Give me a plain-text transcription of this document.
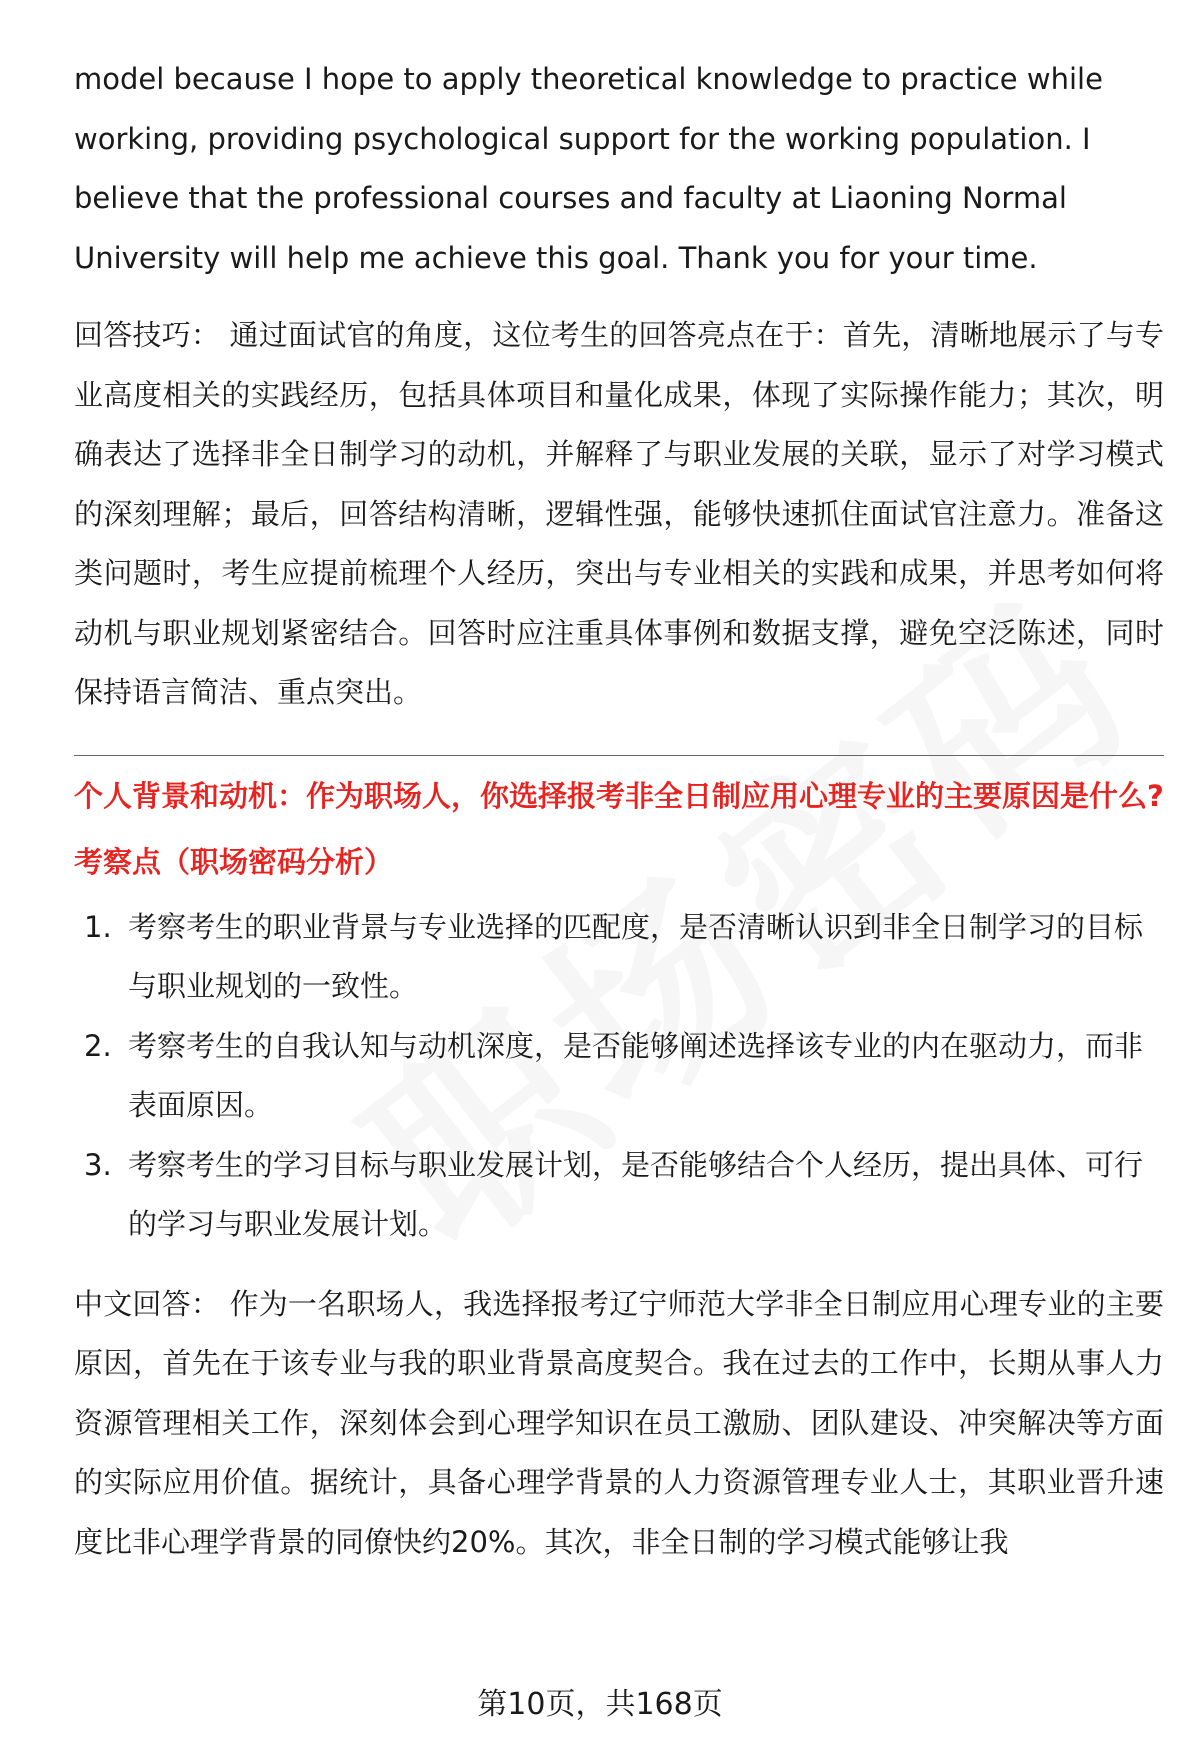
model because I hope to apply theoretical knowledge to practice while working, providing psychological support for the working population. I believe that the professional courses and faculty at Liaoning Normal University will help me achieve this goal. Thank you for your time.

回答技巧： 通过面试官的角度，这位考生的回答亮点在于：首先，清晰地展示了与专业高度相关的实践经历，包括具体项目和量化成果，体现了实际操作能力；其次，明确表达了选择非全日制学习的动机，并解释了与职业发展的关联，显示了对学习模式的深刻理解；最后，回答结构清晰，逻辑性强，能够快速抓住面试官注意力。准备这类问题时，考生应提前梳理个人经历，突出与专业相关的实践和成果，并思考如何将动机与职业规划紧密结合。回答时应注重具体事例和数据支撑，避免空泛陈述，同时保持语言简洁、重点突出。

个人背景和动机：作为职场人，你选择报考非全日制应用心理专业的主要原因是什么?

考察点（职场密码分析）

1. 考察考生的职业背景与专业选择的匹配度，是否清晰认识到非全日制学习的目标与职业规划的一致性。
2. 考察考生的自我认知与动机深度，是否能够阐述选择该专业的内在驱动力，而非表面原因。
3. 考察考生的学习目标与职业发展计划，是否能够结合个人经历，提出具体、可行的学习与职业发展计划。

中文回答： 作为一名职场人，我选择报考辽宁师范大学非全日制应用心理专业的主要原因，首先在于该专业与我的职业背景高度契合。我在过去的工作中，长期从事人力资源管理相关工作，深刻体会到心理学知识在员工激励、团队建设、冲突解决等方面的实际应用价值。据统计，具备心理学背景的人力资源管理专业人士，其职业晋升速度比非心理学背景的同僚快约20%。其次，非全日制的学习模式能够让我

第10页，共168页
